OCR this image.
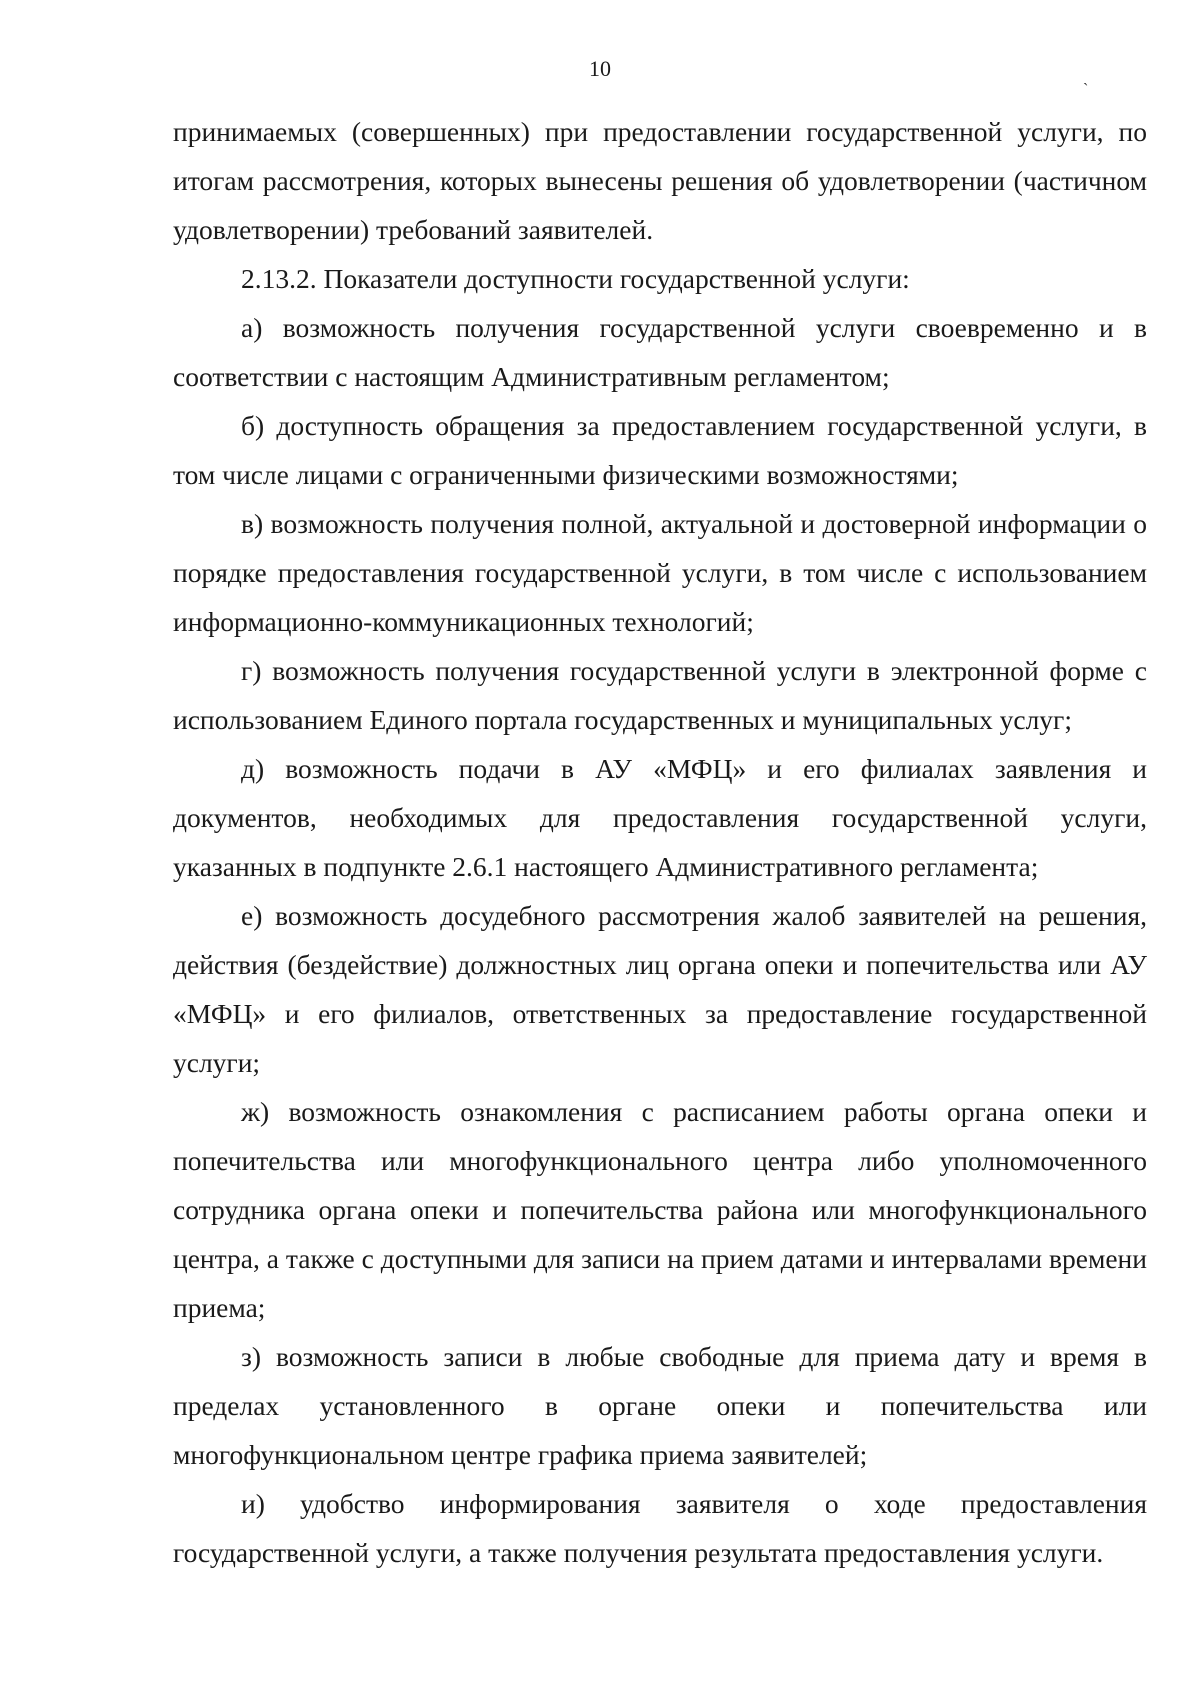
10	ˏ

принимаемых (совершенных) при предоставлении государственной услуги, по итогам рассмотрения, которых вынесены решения об удовлетворении (частичном удовлетворении) требований заявителей.

2.13.2. Показатели доступности государственной услуги:

а) возможность получения государственной услуги своевременно и в соответствии с настоящим Административным регламентом;

б) доступность обращения за предоставлением государственной услуги, в том числе лицами с ограниченными физическими возможностями;

в) возможность получения полной, актуальной и достоверной информации о порядке предоставления государственной услуги, в том числе с использованием информационно-коммуникационных технологий;

г) возможность получения государственной услуги в электронной форме с использованием Единого портала государственных и муниципальных услуг;

д) возможность подачи в АУ «МФЦ» и его филиалах заявления и документов, необходимых для предоставления государственной услуги, указанных в подпункте 2.6.1 настоящего Административного регламента;

е) возможность досудебного рассмотрения жалоб заявителей на решения, действия (бездействие) должностных лиц органа опеки и попечительства или АУ «МФЦ» и его филиалов, ответственных за предоставление государственной услуги;

ж) возможность ознакомления с расписанием работы органа опеки и попечительства или многофункционального центра либо уполномоченного сотрудника органа опеки и попечительства района или многофункционального центра, а также с доступными для записи на прием датами и интервалами времени приема;

з) возможность записи в любые свободные для приема дату и время в пределах установленного в органе опеки и попечительства или многофункциональном центре графика приема заявителей;

и) удобство информирования заявителя о ходе предоставления государственной услуги, а также получения результата предоставления услуги.
